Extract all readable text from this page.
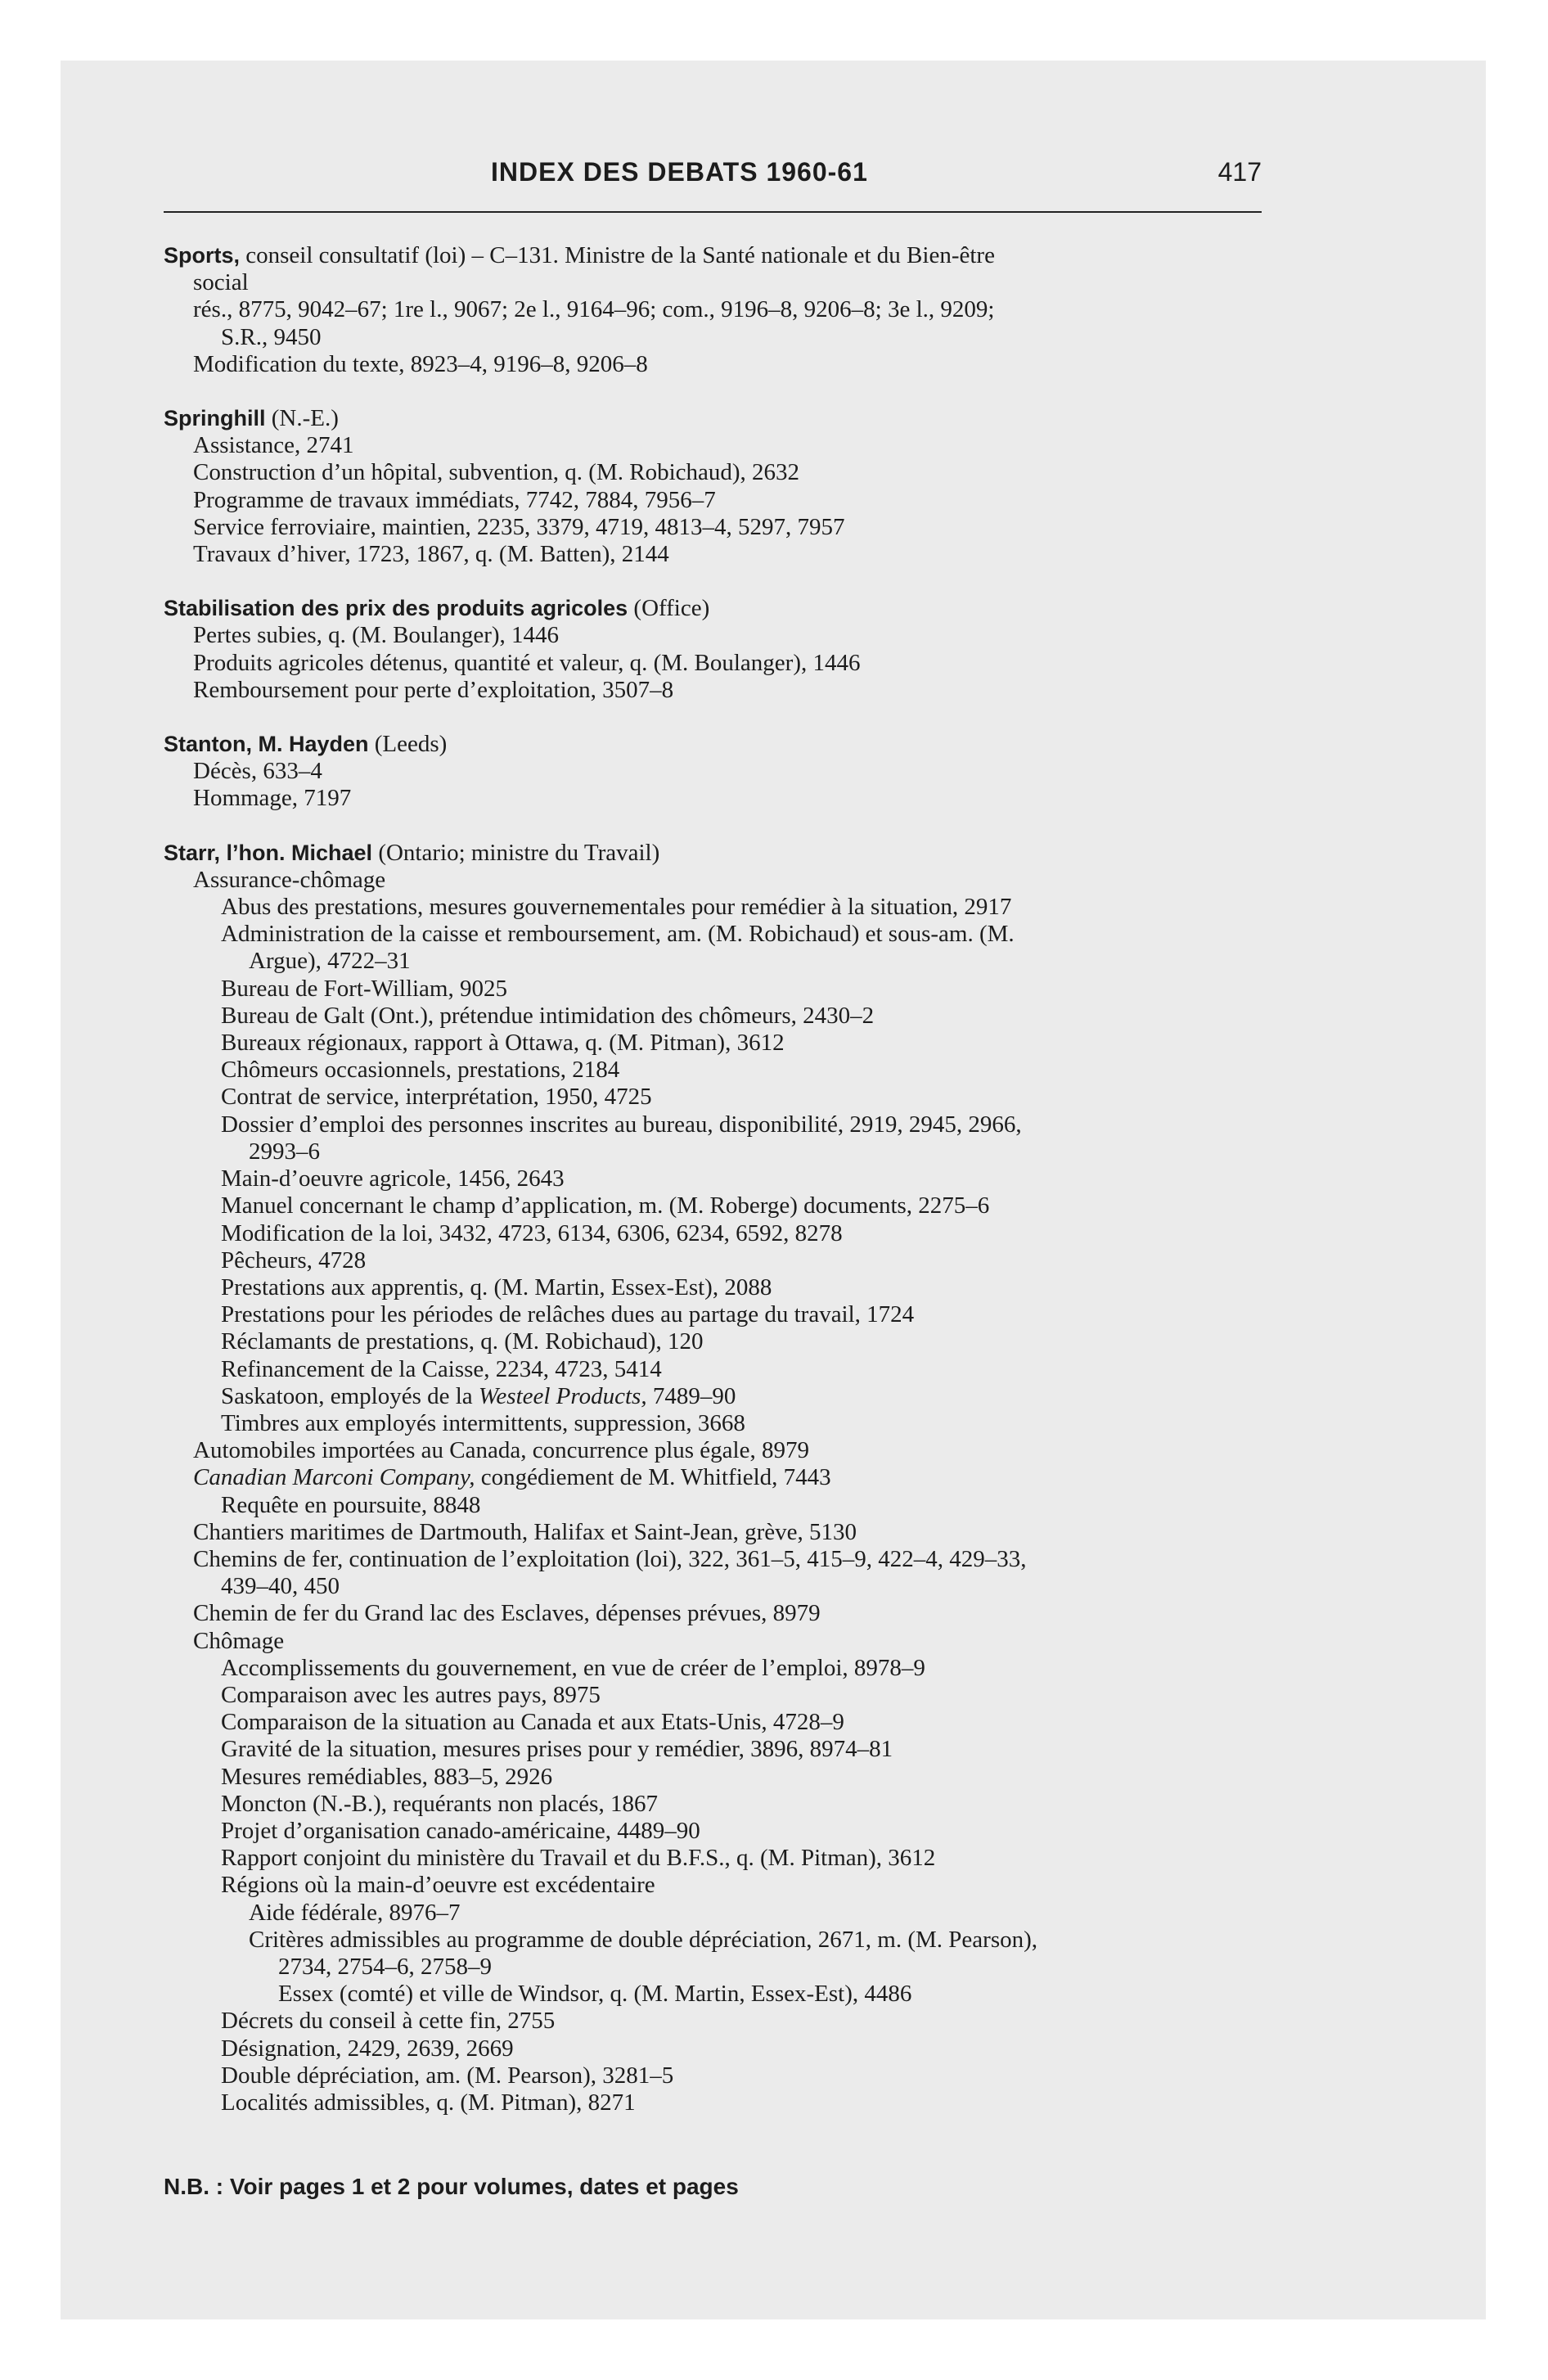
INDEX DES DEBATS 1960-61	417
Sports, conseil consultatif (loi) – C–131. Ministre de la Santé nationale et du Bien-être
social
rés., 8775, 9042–67; 1re l., 9067; 2e l., 9164–96; com., 9196–8, 9206–8; 3e l., 9209;
S.R., 9450
Modification du texte, 8923–4, 9196–8, 9206–8
Springhill (N.-E.)
Assistance, 2741
Construction d’un hôpital, subvention, q. (M. Robichaud), 2632
Programme de travaux immédiats, 7742, 7884, 7956–7
Service ferroviaire, maintien, 2235, 3379, 4719, 4813–4, 5297, 7957
Travaux d’hiver, 1723, 1867, q. (M. Batten), 2144
Stabilisation des prix des produits agricoles (Office)
Pertes subies, q. (M. Boulanger), 1446
Produits agricoles détenus, quantité et valeur, q. (M. Boulanger), 1446
Remboursement pour perte d’exploitation, 3507–8
Stanton, M. Hayden (Leeds)
Décès, 633–4
Hommage, 7197
Starr, l’hon. Michael (Ontario; ministre du Travail)
Assurance-chômage
Abus des prestations, mesures gouvernementales pour remédier à la situation, 2917
Administration de la caisse et remboursement, am. (M. Robichaud) et sous-am. (M.
Argue), 4722–31
Bureau de Fort-William, 9025
Bureau de Galt (Ont.), prétendue intimidation des chômeurs, 2430–2
Bureaux régionaux, rapport à Ottawa, q. (M. Pitman), 3612
Chômeurs occasionnels, prestations, 2184
Contrat de service, interprétation, 1950, 4725
Dossier d’emploi des personnes inscrites au bureau, disponibilité, 2919, 2945, 2966,
2993–6
Main-d’oeuvre agricole, 1456, 2643
Manuel concernant le champ d’application, m. (M. Roberge) documents, 2275–6
Modification de la loi, 3432, 4723, 6134, 6306, 6234, 6592, 8278
Pêcheurs, 4728
Prestations aux apprentis, q. (M. Martin, Essex-Est), 2088
Prestations pour les périodes de relâches dues au partage du travail, 1724
Réclamants de prestations, q. (M. Robichaud), 120
Refinancement de la Caisse, 2234, 4723, 5414
Saskatoon, employés de la Westeel Products, 7489–90
Timbres aux employés intermittents, suppression, 3668
Automobiles importées au Canada, concurrence plus égale, 8979
Canadian Marconi Company, congédiement de M. Whitfield, 7443
Requête en poursuite, 8848
Chantiers maritimes de Dartmouth, Halifax et Saint-Jean, grève, 5130
Chemins de fer, continuation de l’exploitation (loi), 322, 361–5, 415–9, 422–4, 429–33,
439–40, 450
Chemin de fer du Grand lac des Esclaves, dépenses prévues, 8979
Chômage
Accomplissements du gouvernement, en vue de créer de l’emploi, 8978–9
Comparaison avec les autres pays, 8975
Comparaison de la situation au Canada et aux Etats-Unis, 4728–9
Gravité de la situation, mesures prises pour y remédier, 3896, 8974–81
Mesures remédiables, 883–5, 2926
Moncton (N.-B.), requérants non placés, 1867
Projet d’organisation canado-américaine, 4489–90
Rapport conjoint du ministère du Travail et du B.F.S., q. (M. Pitman), 3612
Régions où la main-d’oeuvre est excédentaire
Aide fédérale, 8976–7
Critères admissibles au programme de double dépréciation, 2671, m. (M. Pearson),
2734, 2754–6, 2758–9
Essex (comté) et ville de Windsor, q. (M. Martin, Essex-Est), 4486
Décrets du conseil à cette fin, 2755
Désignation, 2429, 2639, 2669
Double dépréciation, am. (M. Pearson), 3281–5
Localités admissibles, q. (M. Pitman), 8271
N.B. : Voir pages 1 et 2 pour volumes, dates et pages
